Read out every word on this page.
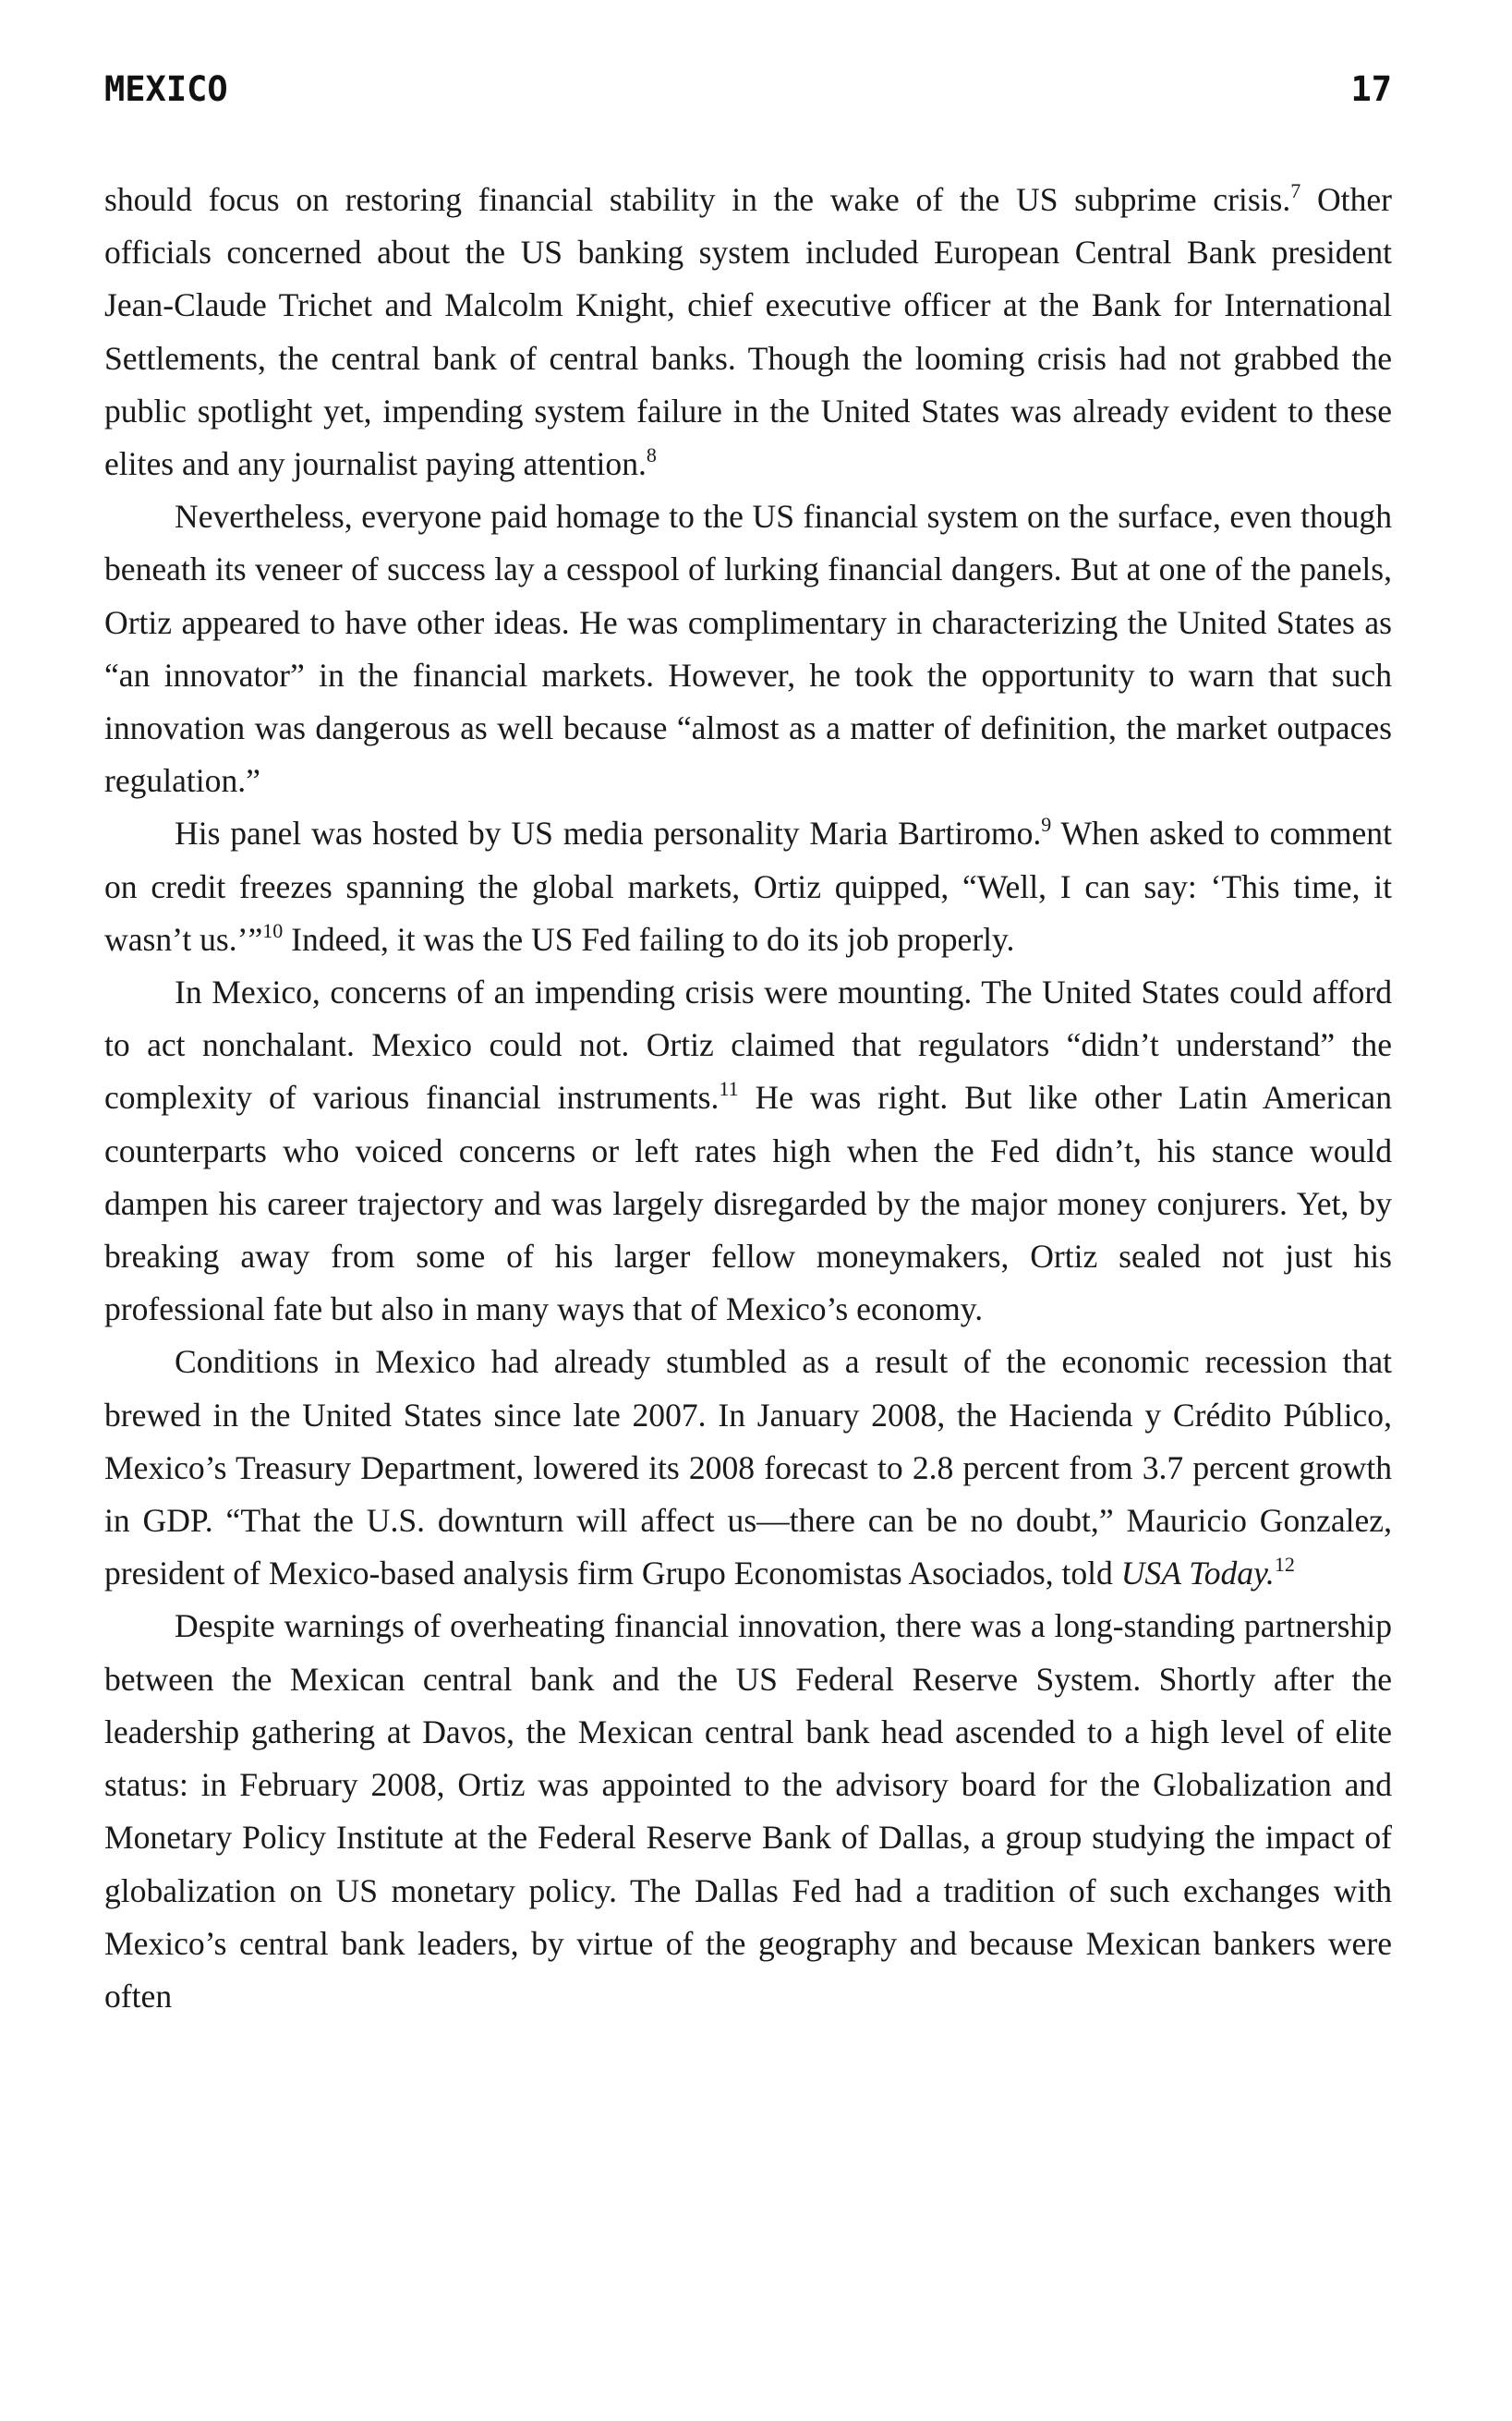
MEXICO	17

should focus on restoring financial stability in the wake of the US subprime crisis.$^7$ Other officials concerned about the US banking system included European Central Bank president Jean-Claude Trichet and Malcolm Knight, chief executive officer at the Bank for International Settlements, the central bank of central banks. Though the looming crisis had not grabbed the public spotlight yet, impending system failure in the United States was already evident to these elites and any journalist paying attention.$^8$

Nevertheless, everyone paid homage to the US financial system on the surface, even though beneath its veneer of success lay a cesspool of lurking financial dangers. But at one of the panels, Ortiz appeared to have other ideas. He was complimentary in characterizing the United States as “an innovator” in the financial markets. However, he took the opportunity to warn that such innovation was dangerous as well because “almost as a matter of definition, the market outpaces regulation.”

His panel was hosted by US media personality Maria Bartiromo.$^9$ When asked to comment on credit freezes spanning the global markets, Ortiz quipped, “Well, I can say: ‘This time, it wasn’t us.’”$^{10}$ Indeed, it was the US Fed failing to do its job properly.

In Mexico, concerns of an impending crisis were mounting. The United States could afford to act nonchalant. Mexico could not. Ortiz claimed that regulators “didn’t understand” the complexity of various financial instruments.$^{11}$ He was right. But like other Latin American counterparts who voiced concerns or left rates high when the Fed didn’t, his stance would dampen his career trajectory and was largely disregarded by the major money conjurers. Yet, by breaking away from some of his larger fellow moneymakers, Ortiz sealed not just his professional fate but also in many ways that of Mexico’s economy.

Conditions in Mexico had already stumbled as a result of the economic recession that brewed in the United States since late 2007. In January 2008, the Hacienda y Crédito Público, Mexico’s Treasury Department, lowered its 2008 forecast to 2.8 percent from 3.7 percent growth in GDP. “That the U.S. downturn will affect us—there can be no doubt,” Mauricio Gonzalez, president of Mexico-based analysis firm Grupo Economistas Asociados, told USA Today.$^{12}$

Despite warnings of overheating financial innovation, there was a long-standing partnership between the Mexican central bank and the US Federal Reserve System. Shortly after the leadership gathering at Davos, the Mexican central bank head ascended to a high level of elite status: in February 2008, Ortiz was appointed to the advisory board for the Globalization and Monetary Policy Institute at the Federal Reserve Bank of Dallas, a group studying the impact of globalization on US monetary policy. The Dallas Fed had a tradition of such exchanges with Mexico’s central bank leaders, by virtue of the geography and because Mexican bankers were often
